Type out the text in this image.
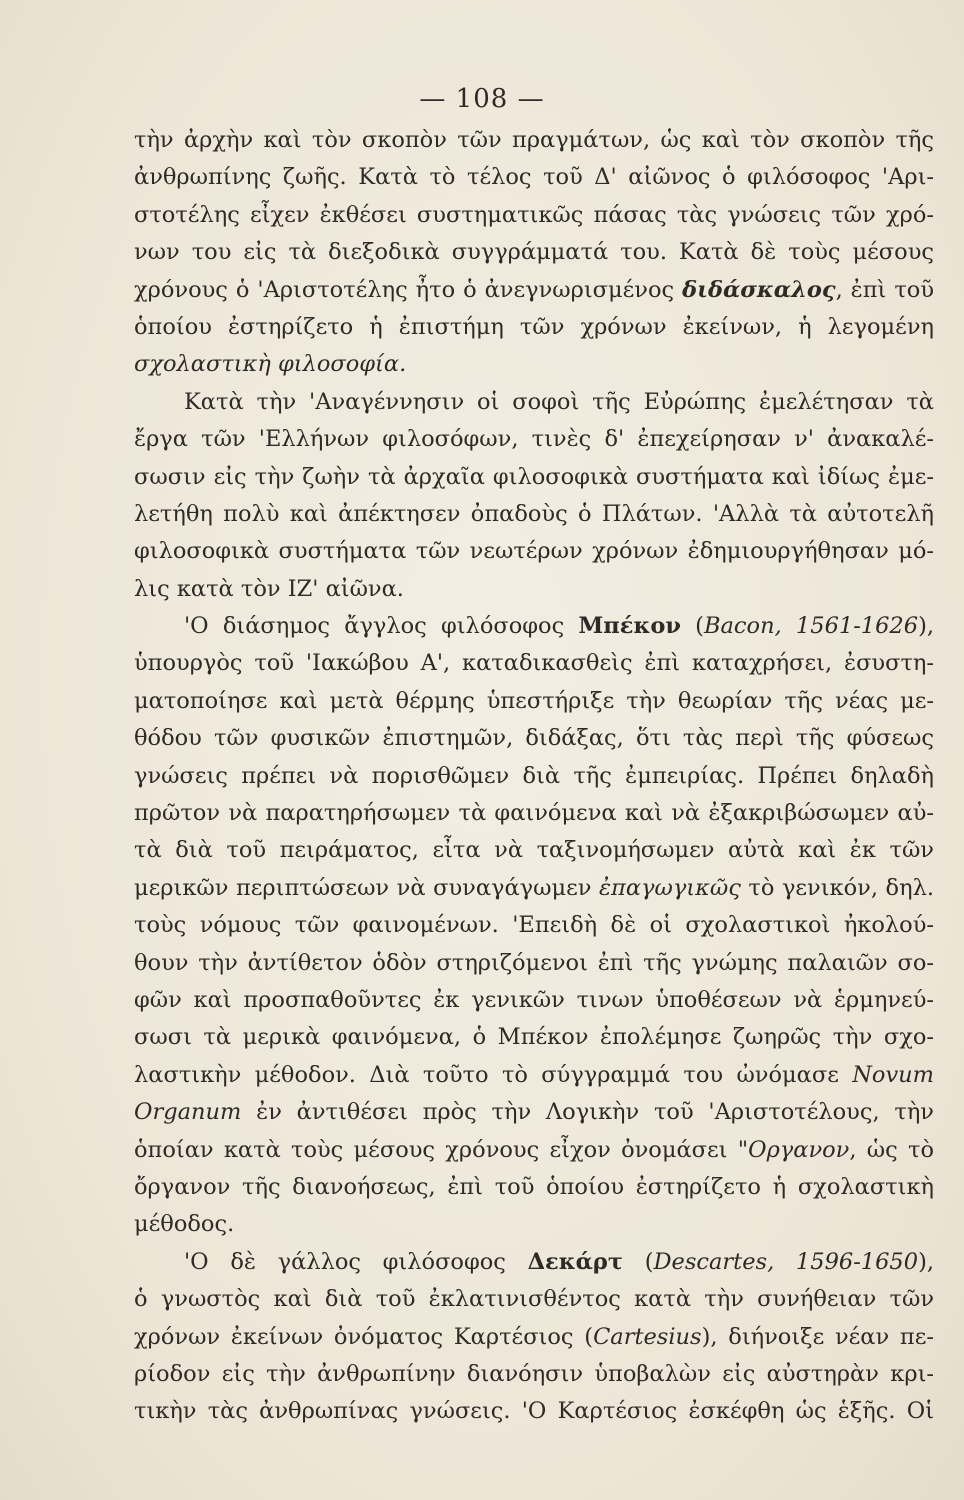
— 108 —
τὴν ἀρχὴν καὶ τὸν σκοπὸν τῶν πραγμάτων, ὡς καὶ τὸν σκοπὸν τῆς
ἀνθρωπίνης ζωῆς. Κατὰ τὸ τέλος τοῦ Δ' αἰῶνος ὁ φιλόσοφος 'Αρι-
στοτέλης εἶχεν ἐκθέσει συστηματικῶς πάσας τὰς γνώσεις τῶν χρό-
νων του εἰς τὰ διεξοδικὰ συγγράμματά του. Κατὰ δὲ τοὺς μέσους
χρόνους ὁ 'Αριστοτέλης ἦτο ὁ ἀνεγνωρισμένος διδάσκαλος, ἐπὶ τοῦ
ὁποίου ἐστηρίζετο ἡ ἐπιστήμη τῶν χρόνων ἐκείνων, ἡ λεγομένη
σχολαστικὴ φιλοσοφία.
Κατὰ τὴν 'Αναγέννησιν οἱ σοφοὶ τῆς Εὐρώπης ἐμελέτησαν τὰ
ἔργα τῶν 'Ελλήνων φιλοσόφων, τινὲς δ' ἐπεχείρησαν ν' ἀνακαλέ-
σωσιν εἰς τὴν ζωὴν τὰ ἀρχαῖα φιλοσοφικὰ συστήματα καὶ ἰδίως ἐμε-
λετήθη πολὺ καὶ ἀπέκτησεν ὀπαδοὺς ὁ Πλάτων. 'Αλλὰ τὰ αὐτοτελῆ
φιλοσοφικὰ συστήματα τῶν νεωτέρων χρόνων ἐδημιουργήθησαν μό-
λις κατὰ τὸν ΙΖ' αἰῶνα.
'Ο διάσημος ἄγγλος φιλόσοφος Μπέκον (Bacon, 1561-1626),
ὑπουργὸς τοῦ 'Ιακώβου Α', καταδικασθεὶς ἐπὶ καταχρήσει, ἐσυστη-
ματοποίησε καὶ μετὰ θέρμης ὑπεστήριξε τὴν θεωρίαν τῆς νέας με-
θόδου τῶν φυσικῶν ἐπιστημῶν, διδάξας, ὅτι τὰς περὶ τῆς φύσεως
γνώσεις πρέπει νὰ πορισθῶμεν διὰ τῆς ἐμπειρίας. Πρέπει δηλαδὴ
πρῶτον νὰ παρατηρήσωμεν τὰ φαινόμενα καὶ νὰ ἐξακριβώσωμεν αὐ-
τὰ διὰ τοῦ πειράματος, εἶτα νὰ ταξινομήσωμεν αὐτὰ καὶ ἐκ τῶν
μερικῶν περιπτώσεων νὰ συναγάγωμεν ἐπαγωγικῶς τὸ γενικόν, δηλ.
τοὺς νόμους τῶν φαινομένων. 'Επειδὴ δὲ οἱ σχολαστικοὶ ἠκολού-
θουν τὴν ἀντίθετον ὁδὸν στηριζόμενοι ἐπὶ τῆς γνώμης παλαιῶν σο-
φῶν καὶ προσπαθοῦντες ἐκ γενικῶν τινων ὑποθέσεων νὰ ἑρμηνεύ-
σωσι τὰ μερικὰ φαινόμενα, ὁ Μπέκον ἐπολέμησε ζωηρῶς τὴν σχο-
λαστικὴν μέθοδον. Διὰ τοῦτο τὸ σύγγραμμά του ὠνόμασε Novum
Organum ἐν ἀντιθέσει πρὸς τὴν Λογικὴν τοῦ 'Αριστοτέλους, τὴν
ὁποίαν κατὰ τοὺς μέσους χρόνους εἶχον ὀνομάσει "Οργανον, ὡς τὸ
ὄργανον τῆς διανοήσεως, ἐπὶ τοῦ ὁποίου ἐστηρίζετο ἡ σχολαστικὴ
μέθοδος.
'Ο δὲ γάλλος φιλόσοφος Δεκάρτ (Descartes, 1596-1650),
ὁ γνωστὸς καὶ διὰ τοῦ ἐκλατινισθέντος κατὰ τὴν συνήθειαν τῶν
χρόνων ἐκείνων ὀνόματος Καρτέσιος (Cartesius), διήνοιξε νέαν πε-
ρίοδον εἰς τὴν ἀνθρωπίνην διανόησιν ὑποβαλὼν εἰς αὐστηρὰν κρι-
τικὴν τὰς ἀνθρωπίνας γνώσεις. 'Ο Καρτέσιος ἐσκέφθη ὡς ἑξῆς. Οἱ
